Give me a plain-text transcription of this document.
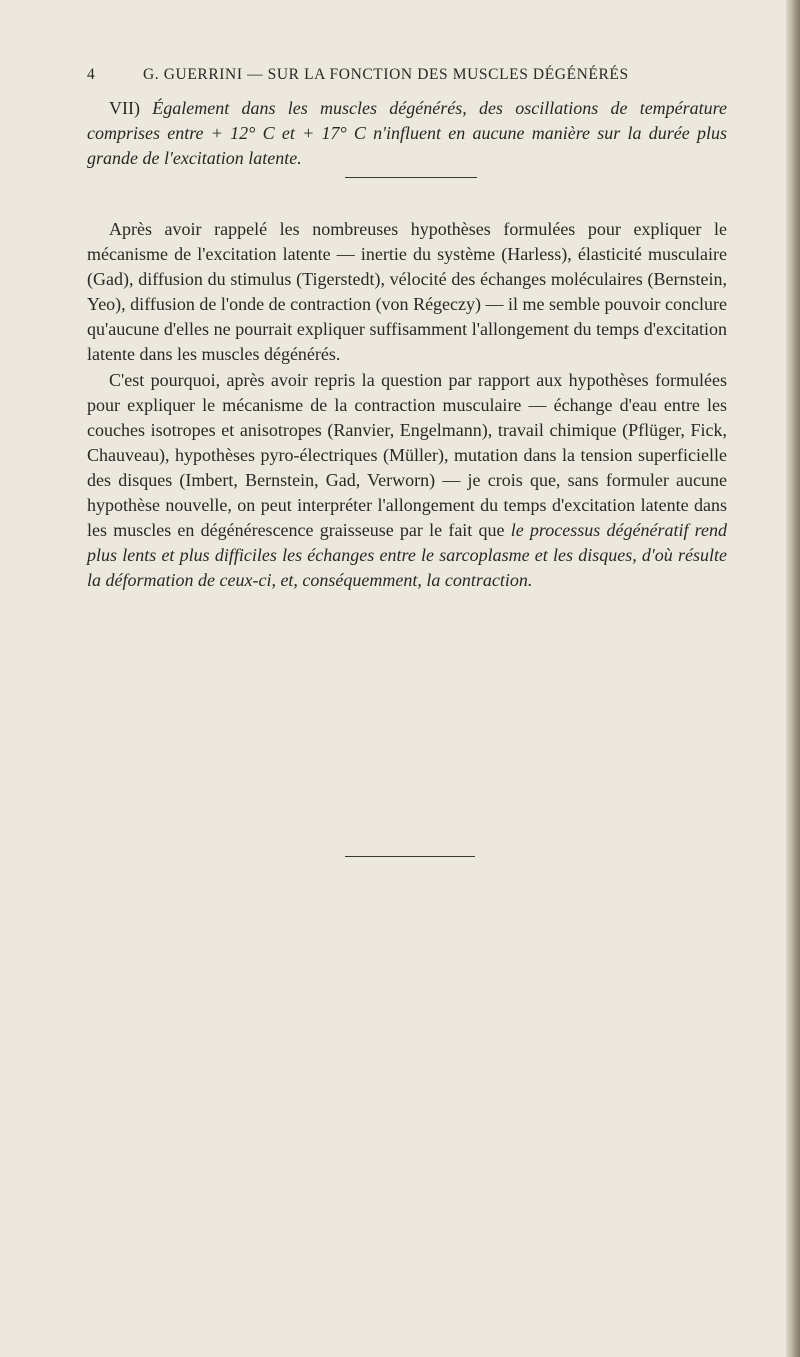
4	G. GUERRINI — SUR LA FONCTION DES MUSCLES DÉGÉNÉRÉS
VII) Également dans les muscles dégénérés, des oscillations de température comprises entre + 12° C et + 17° C n'influent en aucune manière sur la durée plus grande de l'excitation latente.

Après avoir rappelé les nombreuses hypothèses formulées pour expliquer le mécanisme de l'excitation latente — inertie du système (Harless), élasticité musculaire (Gad), diffusion du stimulus (Tigerstedt), vélocité des échanges moléculaires (Bernstein, Yeo), diffusion de l'onde de contraction (von Régeczy) — il me semble pouvoir conclure qu'aucune d'elles ne pourrait expliquer suffisamment l'allongement du temps d'excitation latente dans les muscles dégénérés.

C'est pourquoi, après avoir repris la question par rapport aux hypothèses formulées pour expliquer le mécanisme de la contraction musculaire — échange d'eau entre les couches isotropes et anisotropes (Ranvier, Engelmann), travail chimique (Pflüger, Fick, Chauveau), hypothèses pyro-électriques (Müller), mutation dans la tension superficielle des disques (Imbert, Bernstein, Gad, Verworn) — je crois que, sans formuler aucune hypothèse nouvelle, on peut interpréter l'allongement du temps d'excitation latente dans les muscles en dégénérescence graisseuse par le fait que le processus dégénératif rend plus lents et plus difficiles les échanges entre le sarcoplasme et les disques, d'où résulte la déformation de ceux-ci, et, conséquemment, la contraction.
